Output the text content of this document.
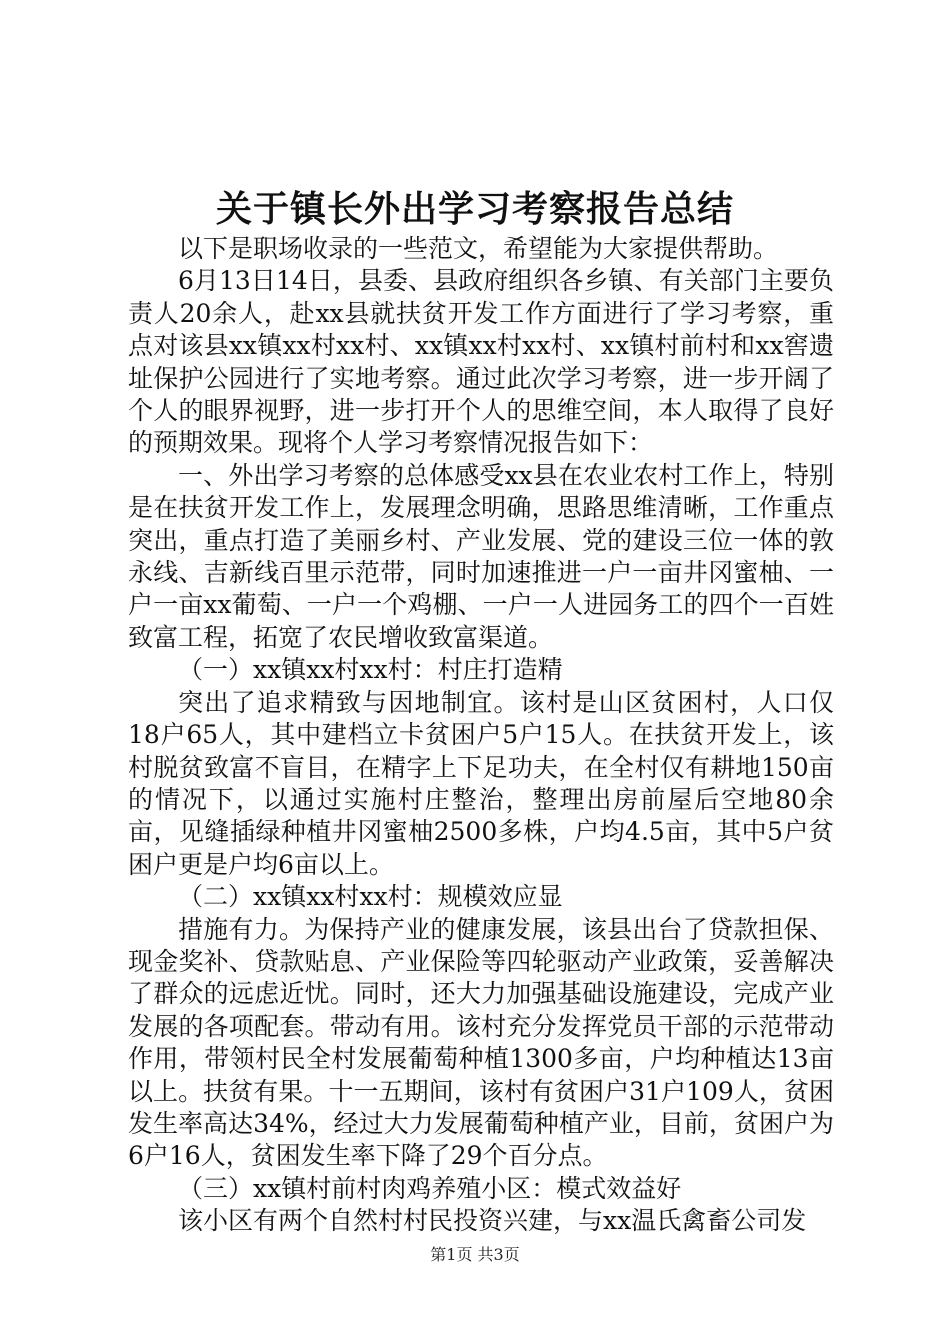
关于镇长外出学习考察报告总结

以下是职场收录的一些范文，希望能为大家提供帮助。

6月13日14日，县委、县政府组织各乡镇、有关部门主要负责人20余人，赴xx县就扶贫开发工作方面进行了学习考察，重点对该县xx镇xx村xx村、xx镇xx村xx村、xx镇村前村和xx窖遗址保护公园进行了实地考察。通过此次学习考察，进一步开阔了个人的眼界视野，进一步打开个人的思维空间，本人取得了良好的预期效果。现将个人学习考察情况报告如下：

一、外出学习考察的总体感受xx县在农业农村工作上，特别是在扶贫开发工作上，发展理念明确，思路思维清晰，工作重点突出，重点打造了美丽乡村、产业发展、党的建设三位一体的敦永线、吉新线百里示范带，同时加速推进一户一亩井冈蜜柚、一户一亩xx葡萄、一户一个鸡棚、一户一人进园务工的四个一百姓致富工程，拓宽了农民增收致富渠道。

（一）xx镇xx村xx村：村庄打造精

突出了追求精致与因地制宜。该村是山区贫困村，人口仅18户65人，其中建档立卡贫困户5户15人。在扶贫开发上，该村脱贫致富不盲目，在精字上下足功夫，在全村仅有耕地150亩的情况下，以通过实施村庄整治，整理出房前屋后空地80余亩，见缝插绿种植井冈蜜柚2500多株，户均4.5亩，其中5户贫困户更是户均6亩以上。

（二）xx镇xx村xx村：规模效应显

措施有力。为保持产业的健康发展，该县出台了贷款担保、现金奖补、贷款贴息、产业保险等四轮驱动产业政策，妥善解决了群众的远虑近忧。同时，还大力加强基础设施建设，完成产业发展的各项配套。带动有用。该村充分发挥党员干部的示范带动作用，带领村民全村发展葡萄种植1300多亩，户均种植达13亩以上。扶贫有果。十一五期间，该村有贫困户31户109人，贫困发生率高达34%，经过大力发展葡萄种植产业，目前，贫困户为6户16人，贫困发生率下降了29个百分点。

（三）xx镇村前村肉鸡养殖小区：模式效益好

该小区有两个自然村村民投资兴建，与xx温氏禽畜公司发

第1页 共3页
